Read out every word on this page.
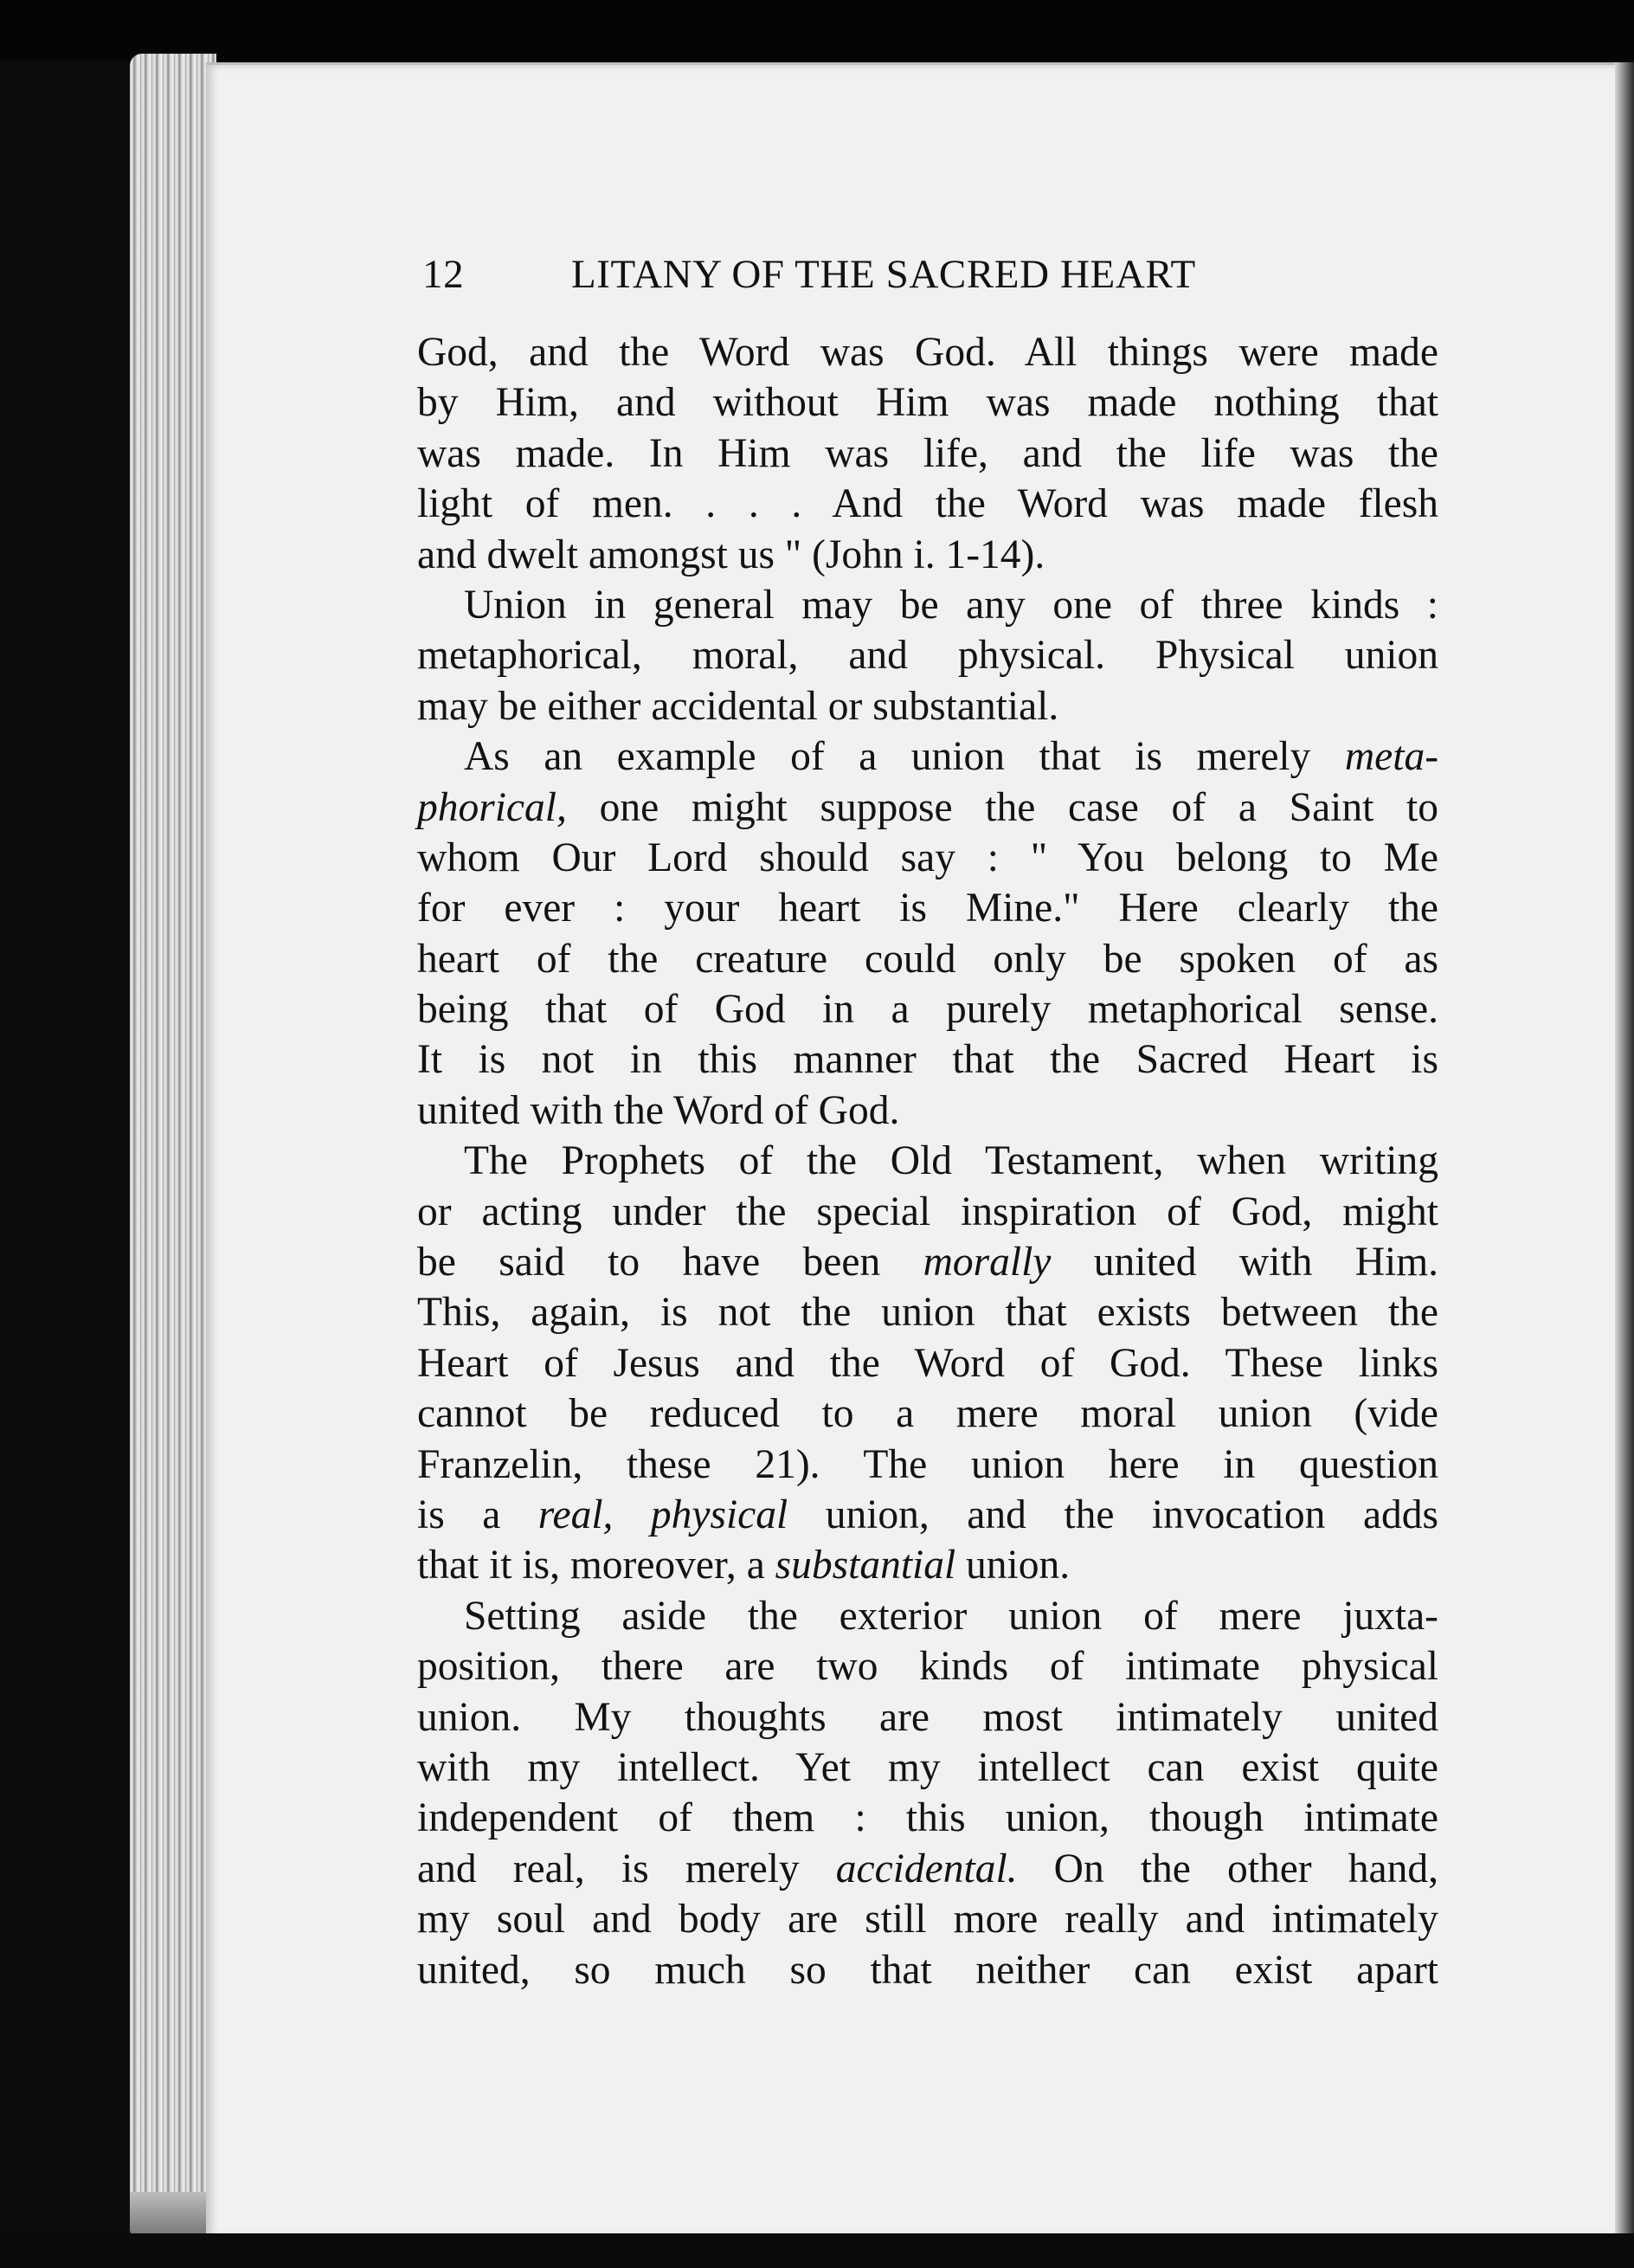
12	LITANY OF THE SACRED HEART
God, and the Word was God. All things were made
by Him, and without Him was made nothing that
was made. In Him was life, and the life was the
light of men. . . . And the Word was made flesh
and dwelt amongst us " (John i. 1-14).
Union in general may be any one of three kinds :
metaphorical, moral, and physical. Physical union
may be either accidental or substantial.
As an example of a union that is merely meta-
phorical, one might suppose the case of a Saint to
whom Our Lord should say : " You belong to Me
for ever : your heart is Mine." Here clearly the
heart of the creature could only be spoken of as
being that of God in a purely metaphorical sense.
It is not in this manner that the Sacred Heart is
united with the Word of God.
The Prophets of the Old Testament, when writing
or acting under the special inspiration of God, might
be said to have been morally united with Him.
This, again, is not the union that exists between the
Heart of Jesus and the Word of God. These links
cannot be reduced to a mere moral union (vide
Franzelin, these 21). The union here in question
is a real, physical union, and the invocation adds
that it is, moreover, a substantial union.
Setting aside the exterior union of mere juxta-
position, there are two kinds of intimate physical
union. My thoughts are most intimately united
with my intellect. Yet my intellect can exist quite
independent of them : this union, though intimate
and real, is merely accidental. On the other hand,
my soul and body are still more really and intimately
united, so much so that neither can exist apart
